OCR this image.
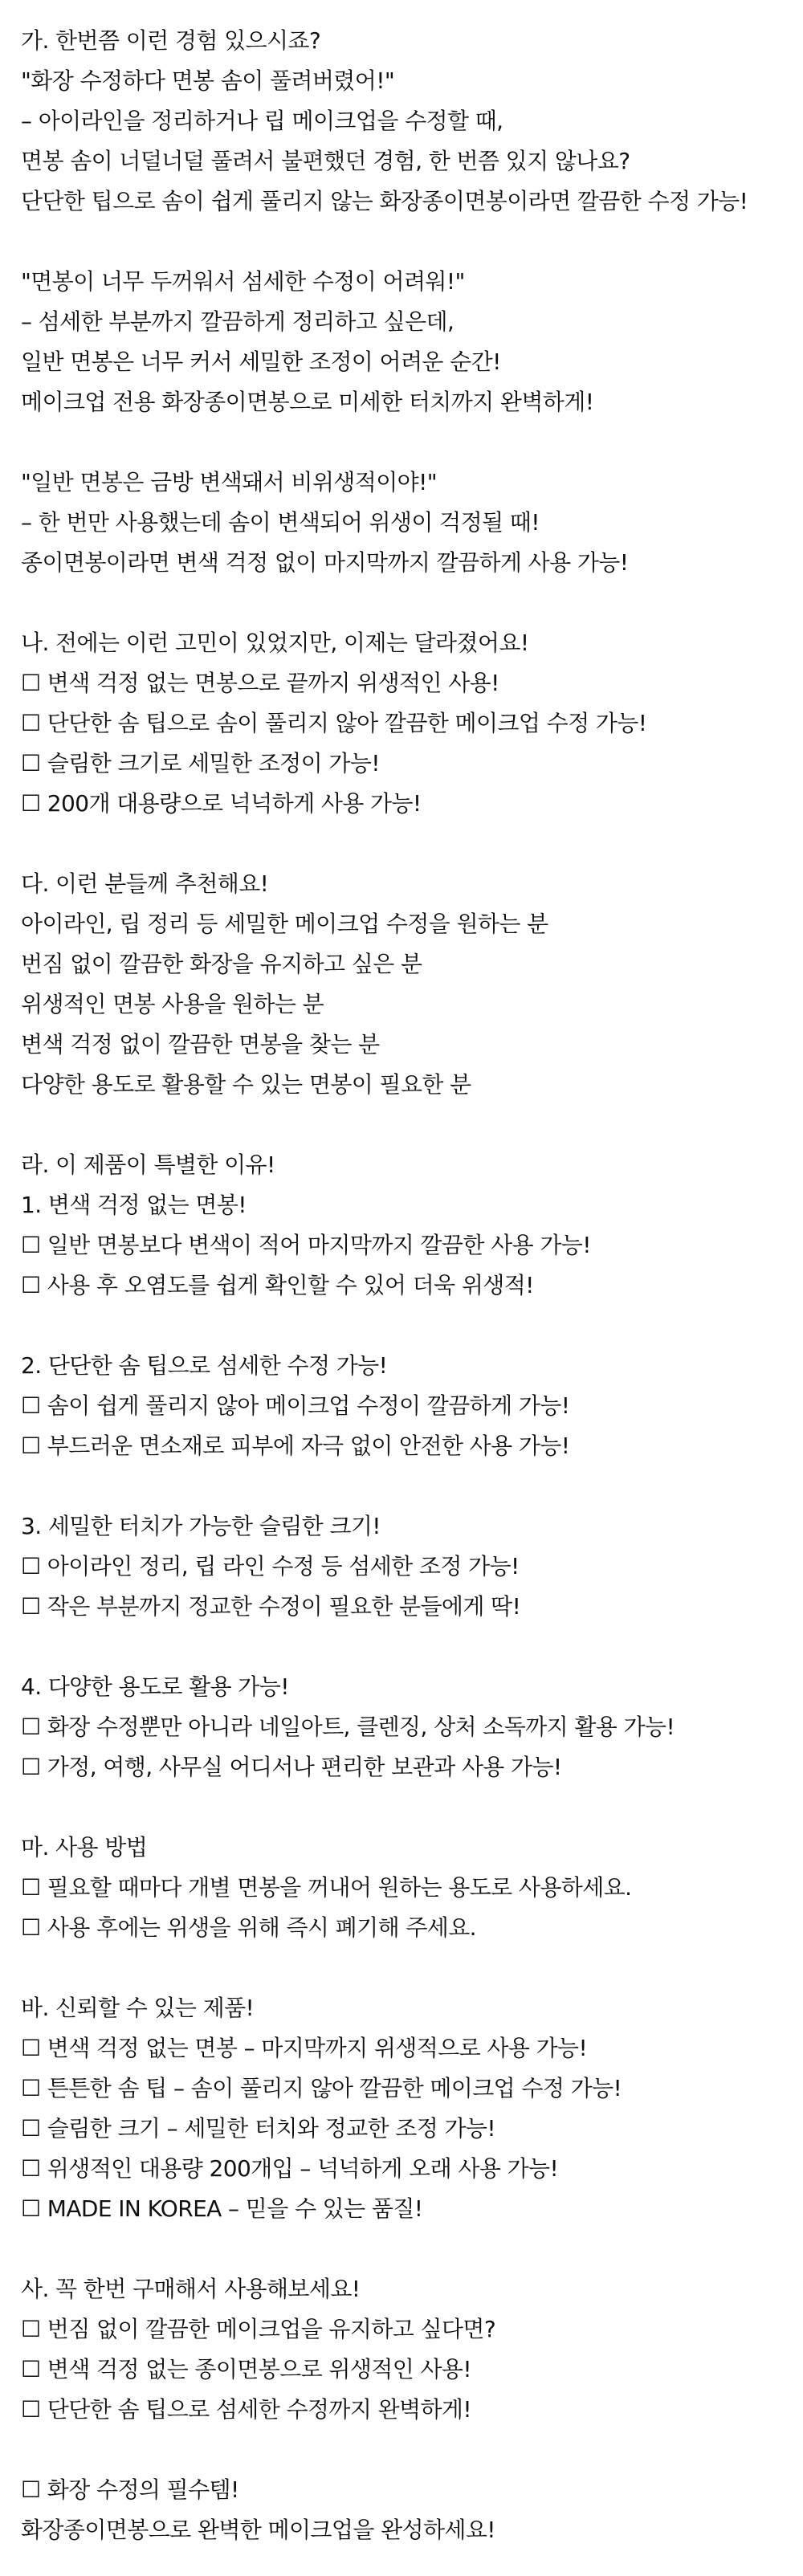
가. 한번쯤 이런 경험 있으시죠?
"화장 수정하다 면봉 솜이 풀려버렸어!"
– 아이라인을 정리하거나 립 메이크업을 수정할 때,
면봉 솜이 너덜너덜 풀려서 불편했던 경험, 한 번쯤 있지 않나요?
단단한 팁으로 솜이 쉽게 풀리지 않는 화장종이면봉이라면 깔끔한 수정 가능!
"면봉이 너무 두꺼워서 섬세한 수정이 어려워!"
– 섬세한 부분까지 깔끔하게 정리하고 싶은데,
일반 면봉은 너무 커서 세밀한 조정이 어려운 순간!
메이크업 전용 화장종이면봉으로 미세한 터치까지 완벽하게!
"일반 면봉은 금방 변색돼서 비위생적이야!"
– 한 번만 사용했는데 솜이 변색되어 위생이 걱정될 때!
종이면봉이라면 변색 걱정 없이 마지막까지 깔끔하게 사용 가능!
나. 전에는 이런 고민이 있었지만, 이제는 달라졌어요!
☐ 변색 걱정 없는 면봉으로 끝까지 위생적인 사용!
☐ 단단한 솜 팁으로 솜이 풀리지 않아 깔끔한 메이크업 수정 가능!
☐ 슬림한 크기로 세밀한 조정이 가능!
☐ 200개 대용량으로 넉넉하게 사용 가능!
다. 이런 분들께 추천해요!
아이라인, 립 정리 등 세밀한 메이크업 수정을 원하는 분
번짐 없이 깔끔한 화장을 유지하고 싶은 분
위생적인 면봉 사용을 원하는 분
변색 걱정 없이 깔끔한 면봉을 찾는 분
다양한 용도로 활용할 수 있는 면봉이 필요한 분
라. 이 제품이 특별한 이유!
1. 변색 걱정 없는 면봉!
☐ 일반 면봉보다 변색이 적어 마지막까지 깔끔한 사용 가능!
☐ 사용 후 오염도를 쉽게 확인할 수 있어 더욱 위생적!
2. 단단한 솜 팁으로 섬세한 수정 가능!
☐ 솜이 쉽게 풀리지 않아 메이크업 수정이 깔끔하게 가능!
☐ 부드러운 면소재로 피부에 자극 없이 안전한 사용 가능!
3. 세밀한 터치가 가능한 슬림한 크기!
☐ 아이라인 정리, 립 라인 수정 등 섬세한 조정 가능!
☐ 작은 부분까지 정교한 수정이 필요한 분들에게 딱!
4. 다양한 용도로 활용 가능!
☐ 화장 수정뿐만 아니라 네일아트, 클렌징, 상처 소독까지 활용 가능!
☐ 가정, 여행, 사무실 어디서나 편리한 보관과 사용 가능!
마. 사용 방법
☐ 필요할 때마다 개별 면봉을 꺼내어 원하는 용도로 사용하세요.
☐ 사용 후에는 위생을 위해 즉시 폐기해 주세요.
바. 신뢰할 수 있는 제품!
☐ 변색 걱정 없는 면봉 – 마지막까지 위생적으로 사용 가능!
☐ 튼튼한 솜 팁 – 솜이 풀리지 않아 깔끔한 메이크업 수정 가능!
☐ 슬림한 크기 – 세밀한 터치와 정교한 조정 가능!
☐ 위생적인 대용량 200개입 – 넉넉하게 오래 사용 가능!
☐ MADE IN KOREA – 믿을 수 있는 품질!
사. 꼭 한번 구매해서 사용해보세요!
☐ 번짐 없이 깔끔한 메이크업을 유지하고 싶다면?
☐ 변색 걱정 없는 종이면봉으로 위생적인 사용!
☐ 단단한 솜 팁으로 섬세한 수정까지 완벽하게!
☐ 화장 수정의 필수템!
화장종이면봉으로 완벽한 메이크업을 완성하세요!
